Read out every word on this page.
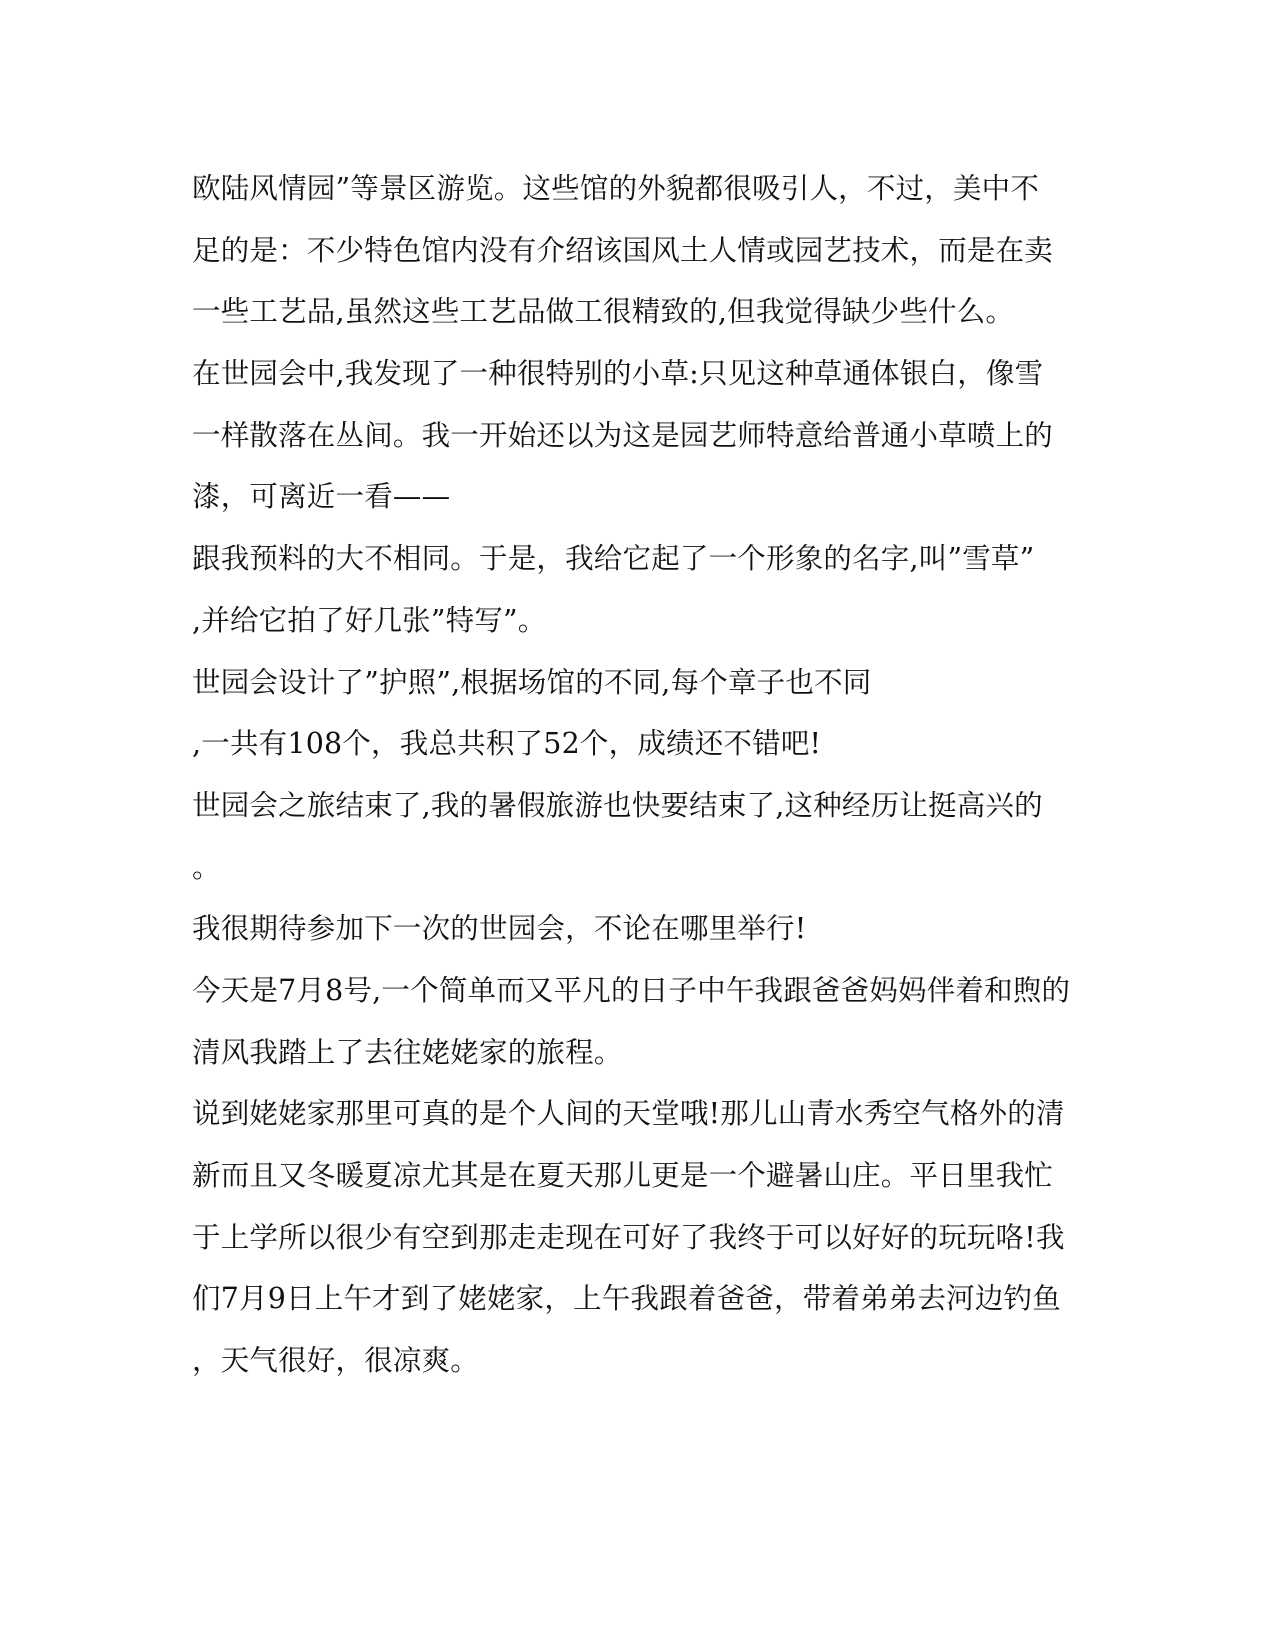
欧陆风情园”等景区游览。这些馆的外貌都很吸引人，不过，美中不
足的是：不少特色馆内没有介绍该国风土人情或园艺技术，而是在卖
一些工艺品,虽然这些工艺品做工很精致的,但我觉得缺少些什么。
在世园会中,我发现了一种很特别的小草:只见这种草通体银白，像雪
一样散落在丛间。我一开始还以为这是园艺师特意给普通小草喷上的
漆，可离近一看——
跟我预料的大不相同。于是，我给它起了一个形象的名字,叫”雪草”
,并给它拍了好几张”特写”。
世园会设计了”护照”,根据场馆的不同,每个章子也不同
,一共有108个，我总共积了52个，成绩还不错吧!
世园会之旅结束了,我的暑假旅游也快要结束了,这种经历让挺高兴的
。
我很期待参加下一次的世园会，不论在哪里举行!
今天是7月8号,一个简单而又平凡的日子中午我跟爸爸妈妈伴着和煦的
清风我踏上了去往姥姥家的旅程。
说到姥姥家那里可真的是个人间的天堂哦!那儿山青水秀空气格外的清
新而且又冬暖夏凉尤其是在夏天那儿更是一个避暑山庄。平日里我忙
于上学所以很少有空到那走走现在可好了我终于可以好好的玩玩咯!我
们7月9日上午才到了姥姥家，上午我跟着爸爸，带着弟弟去河边钓鱼
，天气很好，很凉爽。
